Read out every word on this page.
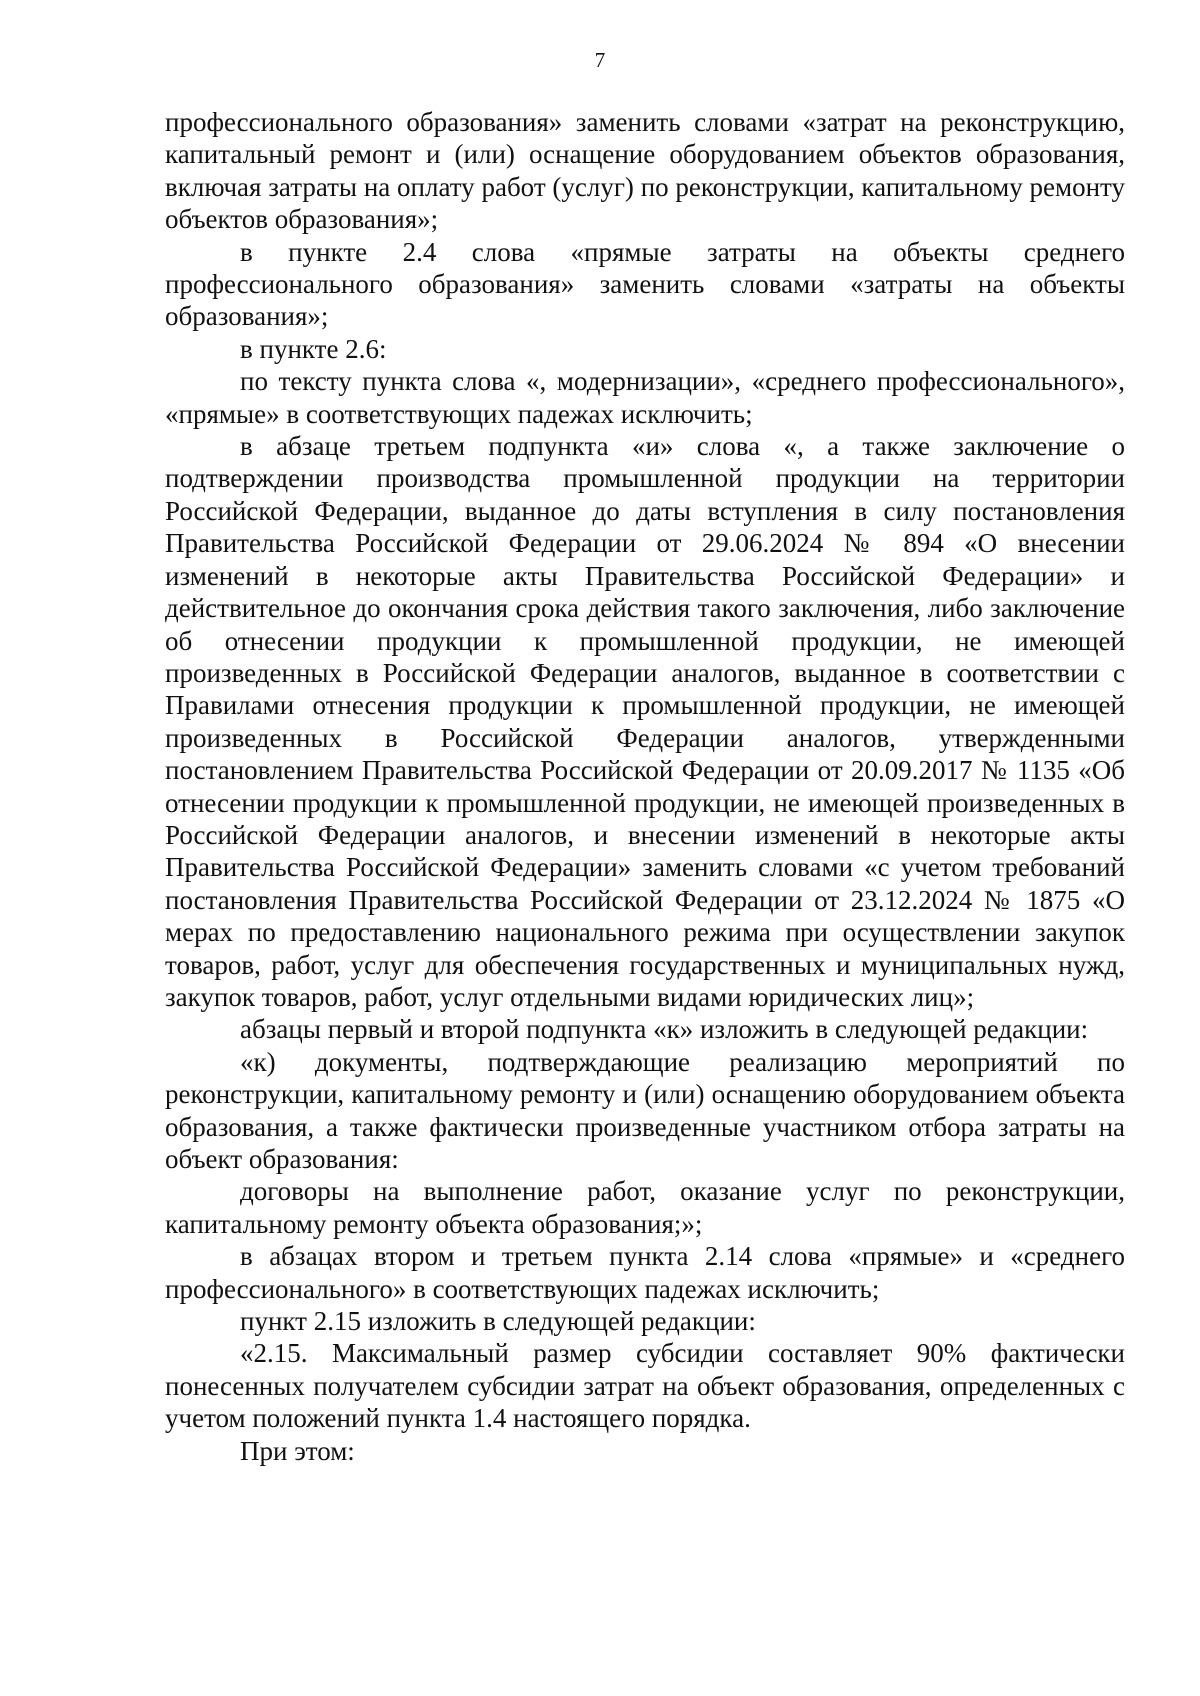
7

профессионального образования» заменить словами «затрат на реконструкцию, капитальный ремонт и (или) оснащение оборудованием объектов образования, включая затраты на оплату работ (услуг) по реконструкции, капитальному ремонту объектов образования»;

в пункте 2.4 слова «прямые затраты на объекты среднего профессионального образования» заменить словами «затраты на объекты образования»;

в пункте 2.6:

по тексту пункта слова «, модернизации», «среднего профессионального», «прямые» в соответствующих падежах исключить;

в абзаце третьем подпункта «и» слова «, а также заключение о подтверждении производства промышленной продукции на территории Российской Федерации, выданное до даты вступления в силу постановления Правительства Российской Федерации от 29.06.2024 № 894 «О внесении изменений в некоторые акты Правительства Российской Федерации» и действительное до окончания срока действия такого заключения, либо заключение об отнесении продукции к промышленной продукции, не имеющей произведенных в Российской Федерации аналогов, выданное в соответствии с Правилами отнесения продукции к промышленной продукции, не имеющей произведенных в Российской Федерации аналогов, утвержденными постановлением Правительства Российской Федерации от 20.09.2017 № 1135 «Об отнесении продукции к промышленной продукции, не имеющей произведенных в Российской Федерации аналогов, и внесении изменений в некоторые акты Правительства Российской Федерации» заменить словами «с учетом требований постановления Правительства Российской Федерации от 23.12.2024 № 1875 «О мерах по предоставлению национального режима при осуществлении закупок товаров, работ, услуг для обеспечения государственных и муниципальных нужд, закупок товаров, работ, услуг отдельными видами юридических лиц»;

абзацы первый и второй подпункта «к» изложить в следующей редакции:

«к) документы, подтверждающие реализацию мероприятий по реконструкции, капитальному ремонту и (или) оснащению оборудованием объекта образования, а также фактически произведенные участником отбора затраты на объект образования:

договоры на выполнение работ, оказание услуг по реконструкции, капитальному ремонту объекта образования;»;

в абзацах втором и третьем пункта 2.14 слова «прямые» и «среднего профессионального» в соответствующих падежах исключить;

пункт 2.15 изложить в следующей редакции:

«2.15. Максимальный размер субсидии составляет 90% фактически понесенных получателем субсидии затрат на объект образования, определенных с учетом положений пункта 1.4 настоящего порядка.

При этом:
